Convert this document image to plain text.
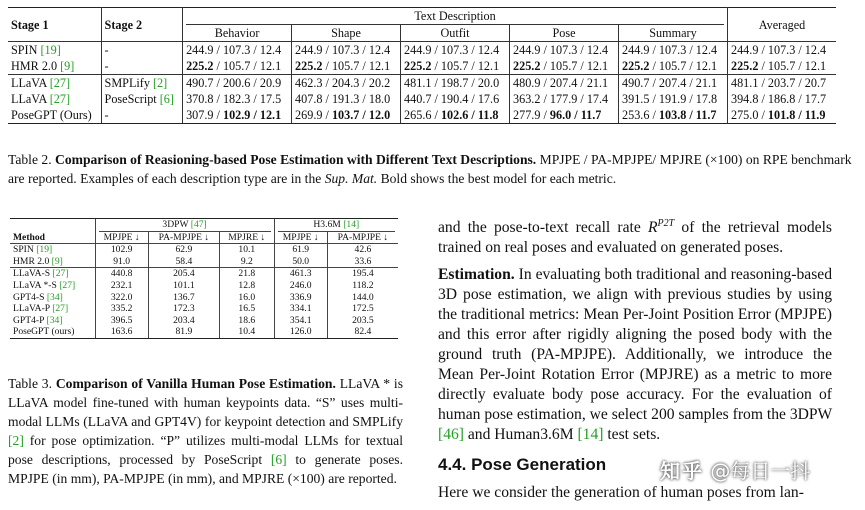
Stage 1	Stage 2	Text Description					Averaged
		Behavior	Shape	Outfit	Pose	Summary	
SPIN [19]	-	244.9 / 107.3 / 12.4	244.9 / 107.3 / 12.4	244.9 / 107.3 / 12.4	244.9 / 107.3 / 12.4	244.9 / 107.3 / 12.4	244.9 / 107.3 / 12.4
HMR 2.0 [9]	-	225.2 / 105.7 / 12.1	225.2 / 105.7 / 12.1	225.2 / 105.7 / 12.1	225.2 / 105.7 / 12.1	225.2 / 105.7 / 12.1	225.2 / 105.7 / 12.1
LLaVA [27]	SMPLify [2]	490.7 / 200.6 / 20.9	462.3 / 204.3 / 20.2	481.1 / 198.7 / 20.0	480.9 / 207.4 / 21.1	490.7 / 207.4 / 21.1	481.1 / 203.7 / 20.7
LLaVA [27]	PoseScript [6]	370.8 / 182.3 / 17.5	407.8 / 191.3 / 18.0	440.7 / 190.4 / 17.6	363.2 / 177.9 / 17.4	391.5 / 191.9 / 17.8	394.8 / 186.8 / 17.7
PoseGPT (Ours)	-	307.9 / 102.9 / 12.1	269.9 / 103.7 / 12.0	265.6 / 102.6 / 11.8	277.9 / 96.0 / 11.7	253.6 / 103.8 / 11.7	275.0 / 101.8 / 11.9
Table 2. Comparison of Reasioning-based Pose Estimation with Different Text Descriptions. MPJPE / PA-MPJPE/ MPJRE (×100) on RPE benchmark are reported. Examples of each description type are in the Sup. Mat. Bold shows the best model for each metric.

	3DPW [47]			H3.6M [14]	

Method	MPJPE ↓	PA-MPJPE ↓	MPJRE ↓	MPJPE ↓	PA-MPJPE ↓
SPIN [19]	102.9	62.9	10.1	61.9	42.6
HMR 2.0 [9]	91.0	58.4	9.2	50.0	33.6
LLaVA-S [27]	440.8	205.4	21.8	461.3	195.4
LLaVA *-S [27]	232.1	101.1	12.8	246.0	118.2
GPT4-S [34]	322.0	136.7	16.0	336.9	144.0
LLaVA-P [27]	335.2	172.3	16.5	334.1	172.5
GPT4-P [34]	396.5	203.4	18.6	354.1	203.5
PoseGPT (ours)	163.6	81.9	10.4	126.0	82.4
Table 3. Comparison of Vanilla Human Pose Estimation. LLaVA * is LLaVA model fine-tuned with human keypoints data. “S” uses multi-modal LLMs (LLaVA and GPT4V) for keypoint detection and SMPLify [2] for pose optimization. “P” utilizes multi-modal LLMs for textual pose descriptions, processed by PoseScript [6] to generate poses. MPJPE (in mm), PA-MPJPE (in mm), and MPJRE (×100) are reported.

and the pose-to-text recall rate $R^{P2T}$ of the retrieval models trained on real poses and evaluated on generated poses.

Estimation. In evaluating both traditional and reasoning-based 3D pose estimation, we align with previous studies by using the traditional metrics: Mean Per-Joint Position Error (MPJPE) and this error after rigidly aligning the posed body with the ground truth (PA-MPJPE). Additionally, we introduce the Mean Per-Joint Rotation Error (MPJRE) as a metric to more directly evaluate body pose accuracy. For the evaluation of human pose estimation, we select 200 samples from the 3DPW [46] and Human3.6M [14] test sets.

4.4. Pose Generation

Here we consider the generation of human poses from lan-

知乎 @每日一抖
